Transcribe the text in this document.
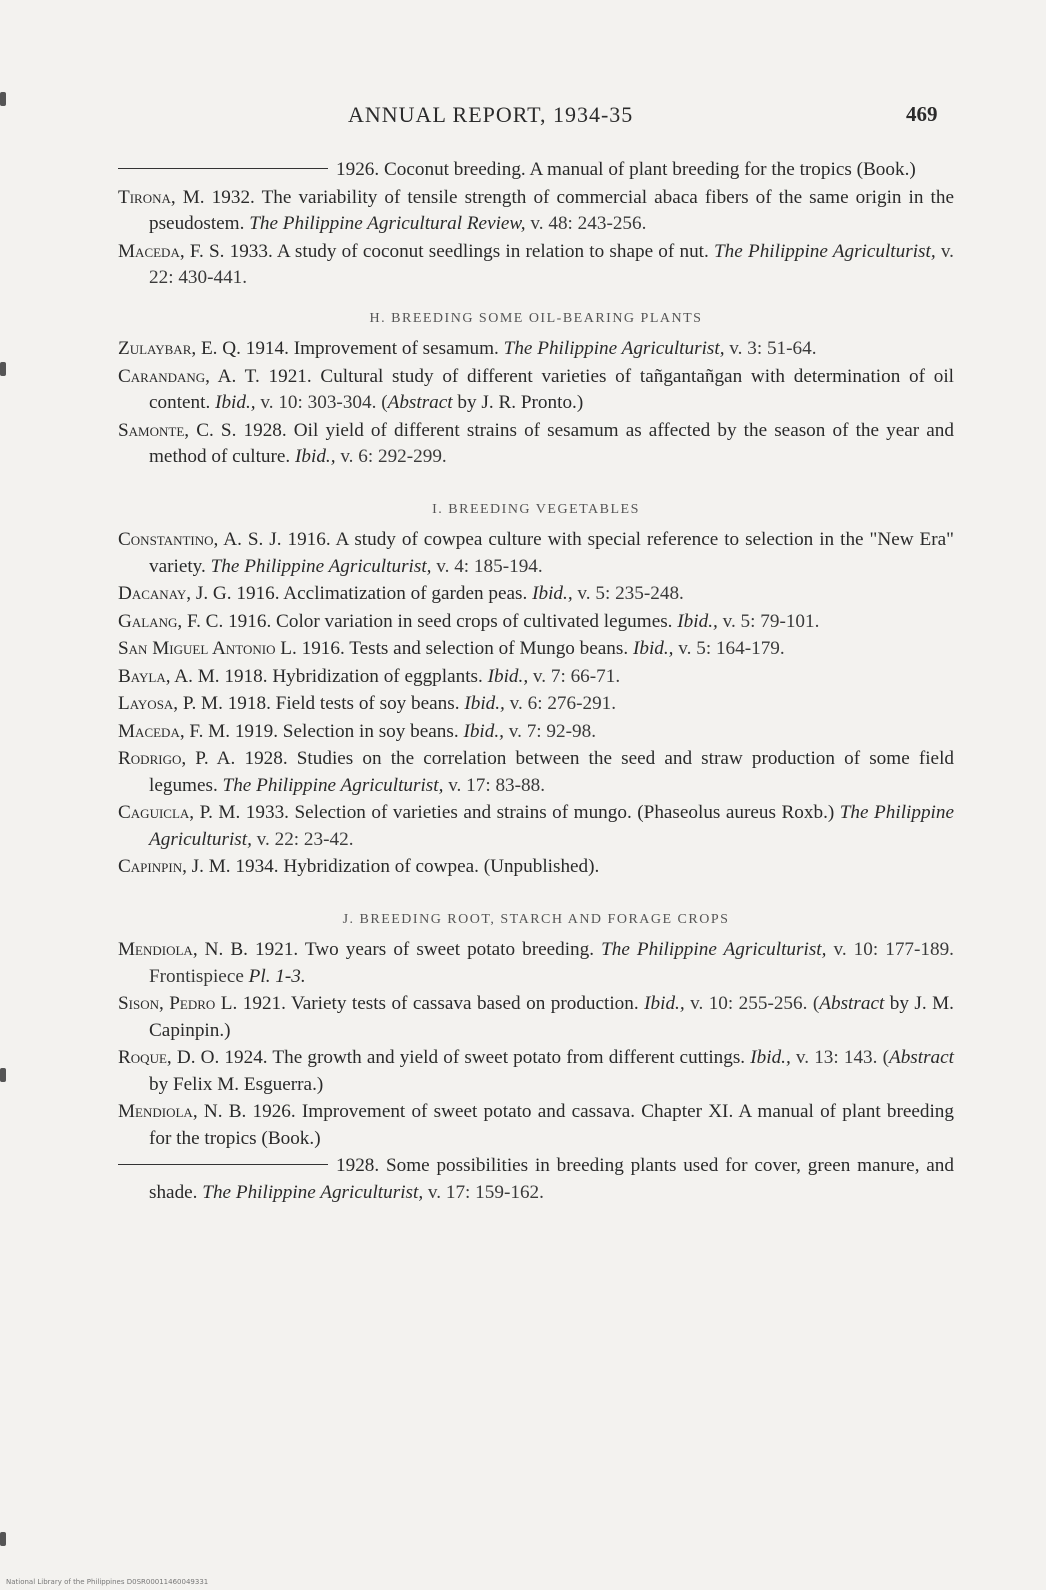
ANNUAL REPORT, 1934-35	469
1926. Coconut breeding. A manual of plant breeding for the tropics (Book.)
Tirona, M. 1932. The variability of tensile strength of commercial abaca fibers of the same origin in the pseudostem. The Philippine Agricultural Review, v. 48: 243-256.
Maceda, F. S. 1933. A study of coconut seedlings in relation to shape of nut. The Philippine Agriculturist, v. 22: 430-441.
H. BREEDING SOME OIL-BEARING PLANTS
Zulaybar, E. Q. 1914. Improvement of sesamum. The Philippine Agriculturist, v. 3: 51-64.
Carandang, A. T. 1921. Cultural study of different varieties of tañgantañgan with determination of oil content. Ibid., v. 10: 303-304. (Abstract by J. R. Pronto.)
Samonte, C. S. 1928. Oil yield of different strains of sesamum as affected by the season of the year and method of culture. Ibid., v. 6: 292-299.
I. BREEDING VEGETABLES
Constantino, A. S. J. 1916. A study of cowpea culture with special reference to selection in the "New Era" variety. The Philippine Agriculturist, v. 4: 185-194.
Dacanay, J. G. 1916. Acclimatization of garden peas. Ibid., v. 5: 235-248.
Galang, F. C. 1916. Color variation in seed crops of cultivated legumes. Ibid., v. 5: 79-101.
San Miguel Antonio L. 1916. Tests and selection of Mungo beans. Ibid., v. 5: 164-179.
Bayla, A. M. 1918. Hybridization of eggplants. Ibid., v. 7: 66-71.
Layosa, P. M. 1918. Field tests of soy beans. Ibid., v. 6: 276-291.
Maceda, F. M. 1919. Selection in soy beans. Ibid., v. 7: 92-98.
Rodrigo, P. A. 1928. Studies on the correlation between the seed and straw production of some field legumes. The Philippine Agriculturist, v. 17: 83-88.
Caguicla, P. M. 1933. Selection of varieties and strains of mungo. (Phaseolus aureus Roxb.) The Philippine Agriculturist, v. 22: 23-42.
Capinpin, J. M. 1934. Hybridization of cowpea. (Unpublished).
J. BREEDING ROOT, STARCH AND FORAGE CROPS
Mendiola, N. B. 1921. Two years of sweet potato breeding. The Philippine Agriculturist, v. 10: 177-189. Frontispiece Pl. 1-3.
Sison, Pedro L. 1921. Variety tests of cassava based on production. Ibid., v. 10: 255-256. (Abstract by J. M. Capinpin.)
Roque, D. O. 1924. The growth and yield of sweet potato from different cuttings. Ibid., v. 13: 143. (Abstract by Felix M. Esguerra.)
Mendiola, N. B. 1926. Improvement of sweet potato and cassava. Chapter XI. A manual of plant breeding for the tropics (Book.)
1928. Some possibilities in breeding plants used for cover, green manure, and shade. The Philippine Agriculturist, v. 17: 159-162.
National Library of the Philippines D0SR00011460049331
